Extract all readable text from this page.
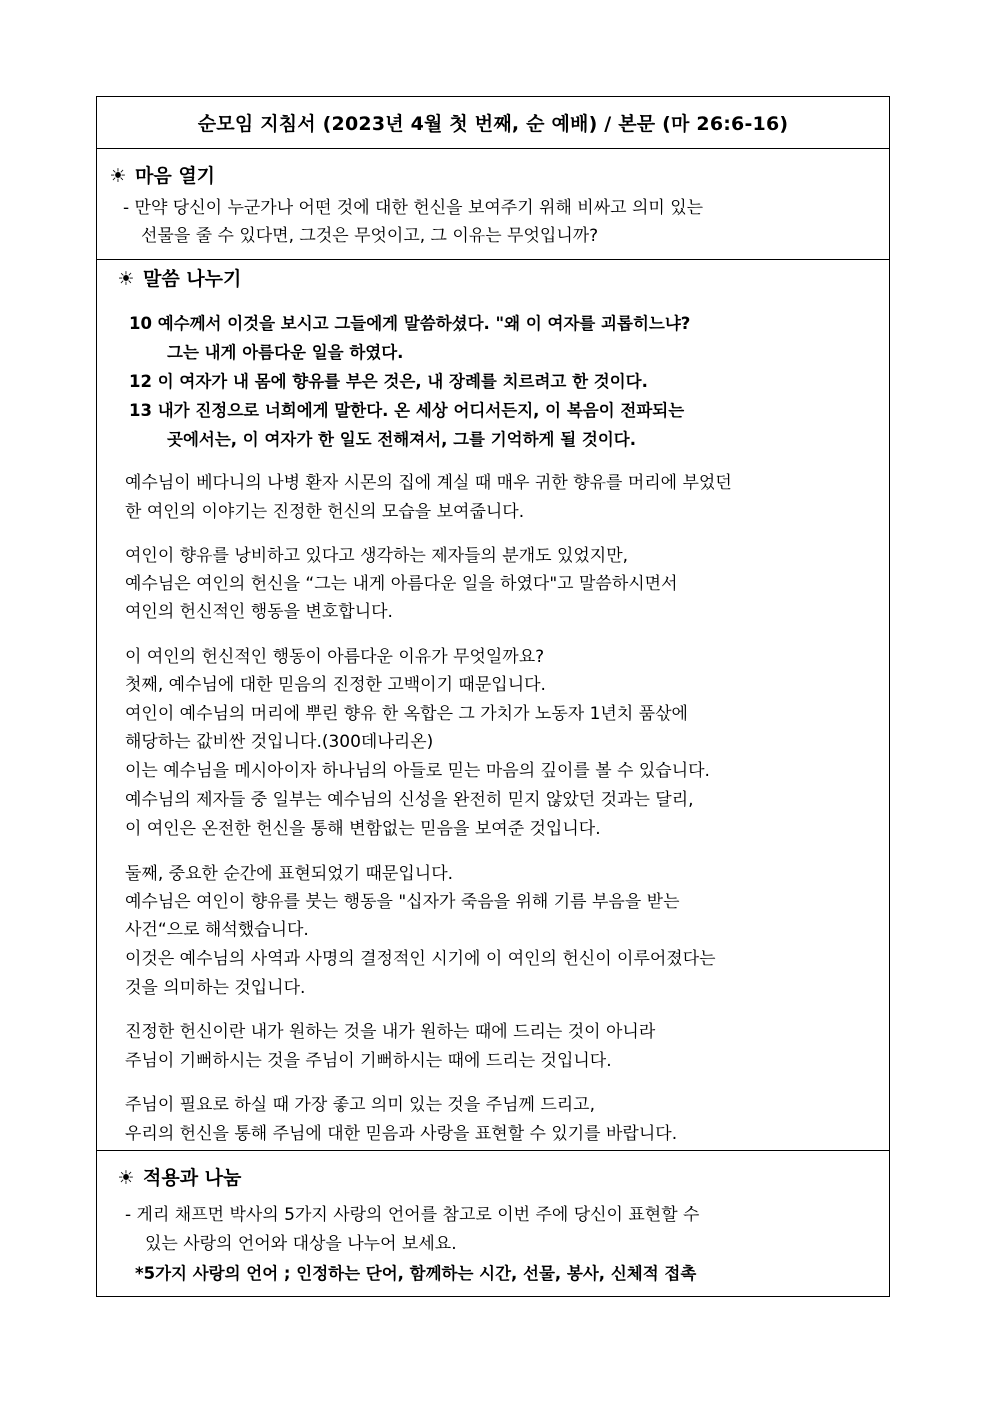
순모임 지침서 (2023년 4월 첫 번째, 순 예배) / 본문 (마 26:6-16)
☀ 마음 열기
- 만약 당신이 누군가나 어떤 것에 대한 헌신을 보여주기 위해 비싸고 의미 있는
선물을 줄 수 있다면, 그것은 무엇이고, 그 이유는 무엇입니까?
☀ 말씀 나누기
10 예수께서 이것을 보시고 그들에게 말씀하셨다. "왜 이 여자를 괴롭히느냐?
그는 내게 아름다운 일을 하였다.
12 이 여자가 내 몸에 향유를 부은 것은, 내 장례를 치르려고 한 것이다.
13 내가 진정으로 너희에게 말한다. 온 세상 어디서든지, 이 복음이 전파되는
곳에서는, 이 여자가 한 일도 전해져서, 그를 기억하게 될 것이다.
예수님이 베다니의 나병 환자 시몬의 집에 계실 때 매우 귀한 향유를 머리에 부었던
한 여인의 이야기는 진정한 헌신의 모습을 보여줍니다.
여인이 향유를 낭비하고 있다고 생각하는 제자들의 분개도 있었지만,
예수님은 여인의 헌신을 “그는 내게 아름다운 일을 하였다"고 말씀하시면서
여인의 헌신적인 행동을 변호합니다.
이 여인의 헌신적인 행동이 아름다운 이유가 무엇일까요?
첫째, 예수님에 대한 믿음의 진정한 고백이기 때문입니다.
여인이 예수님의 머리에 뿌린 향유 한 옥합은 그 가치가 노동자 1년치 품삯에
해당하는 값비싼 것입니다.(300데나리온)
이는 예수님을 메시아이자 하나님의 아들로 믿는 마음의 깊이를 볼 수 있습니다.
예수님의 제자들 중 일부는 예수님의 신성을 완전히 믿지 않았던 것과는 달리,
이 여인은 온전한 헌신을 통해 변함없는 믿음을 보여준 것입니다.
둘째, 중요한 순간에 표현되었기 때문입니다.
예수님은 여인이 향유를 붓는 행동을 "십자가 죽음을 위해 기름 부음을 받는
사건“으로 해석했습니다.
이것은 예수님의 사역과 사명의 결정적인 시기에 이 여인의 헌신이 이루어졌다는
것을 의미하는 것입니다.
진정한 헌신이란 내가 원하는 것을 내가 원하는 때에 드리는 것이 아니라
주님이 기뻐하시는 것을 주님이 기뻐하시는 때에 드리는 것입니다.
주님이 필요로 하실 때 가장 좋고 의미 있는 것을 주님께 드리고,
우리의 헌신을 통해 주님에 대한 믿음과 사랑을 표현할 수 있기를 바랍니다.
☀ 적용과 나눔
- 게리 채프먼 박사의 5가지 사랑의 언어를 참고로 이번 주에 당신이 표현할 수
있는 사랑의 언어와 대상을 나누어 보세요.
*5가지 사랑의 언어 ; 인정하는 단어, 함께하는 시간, 선물, 봉사, 신체적 접촉
